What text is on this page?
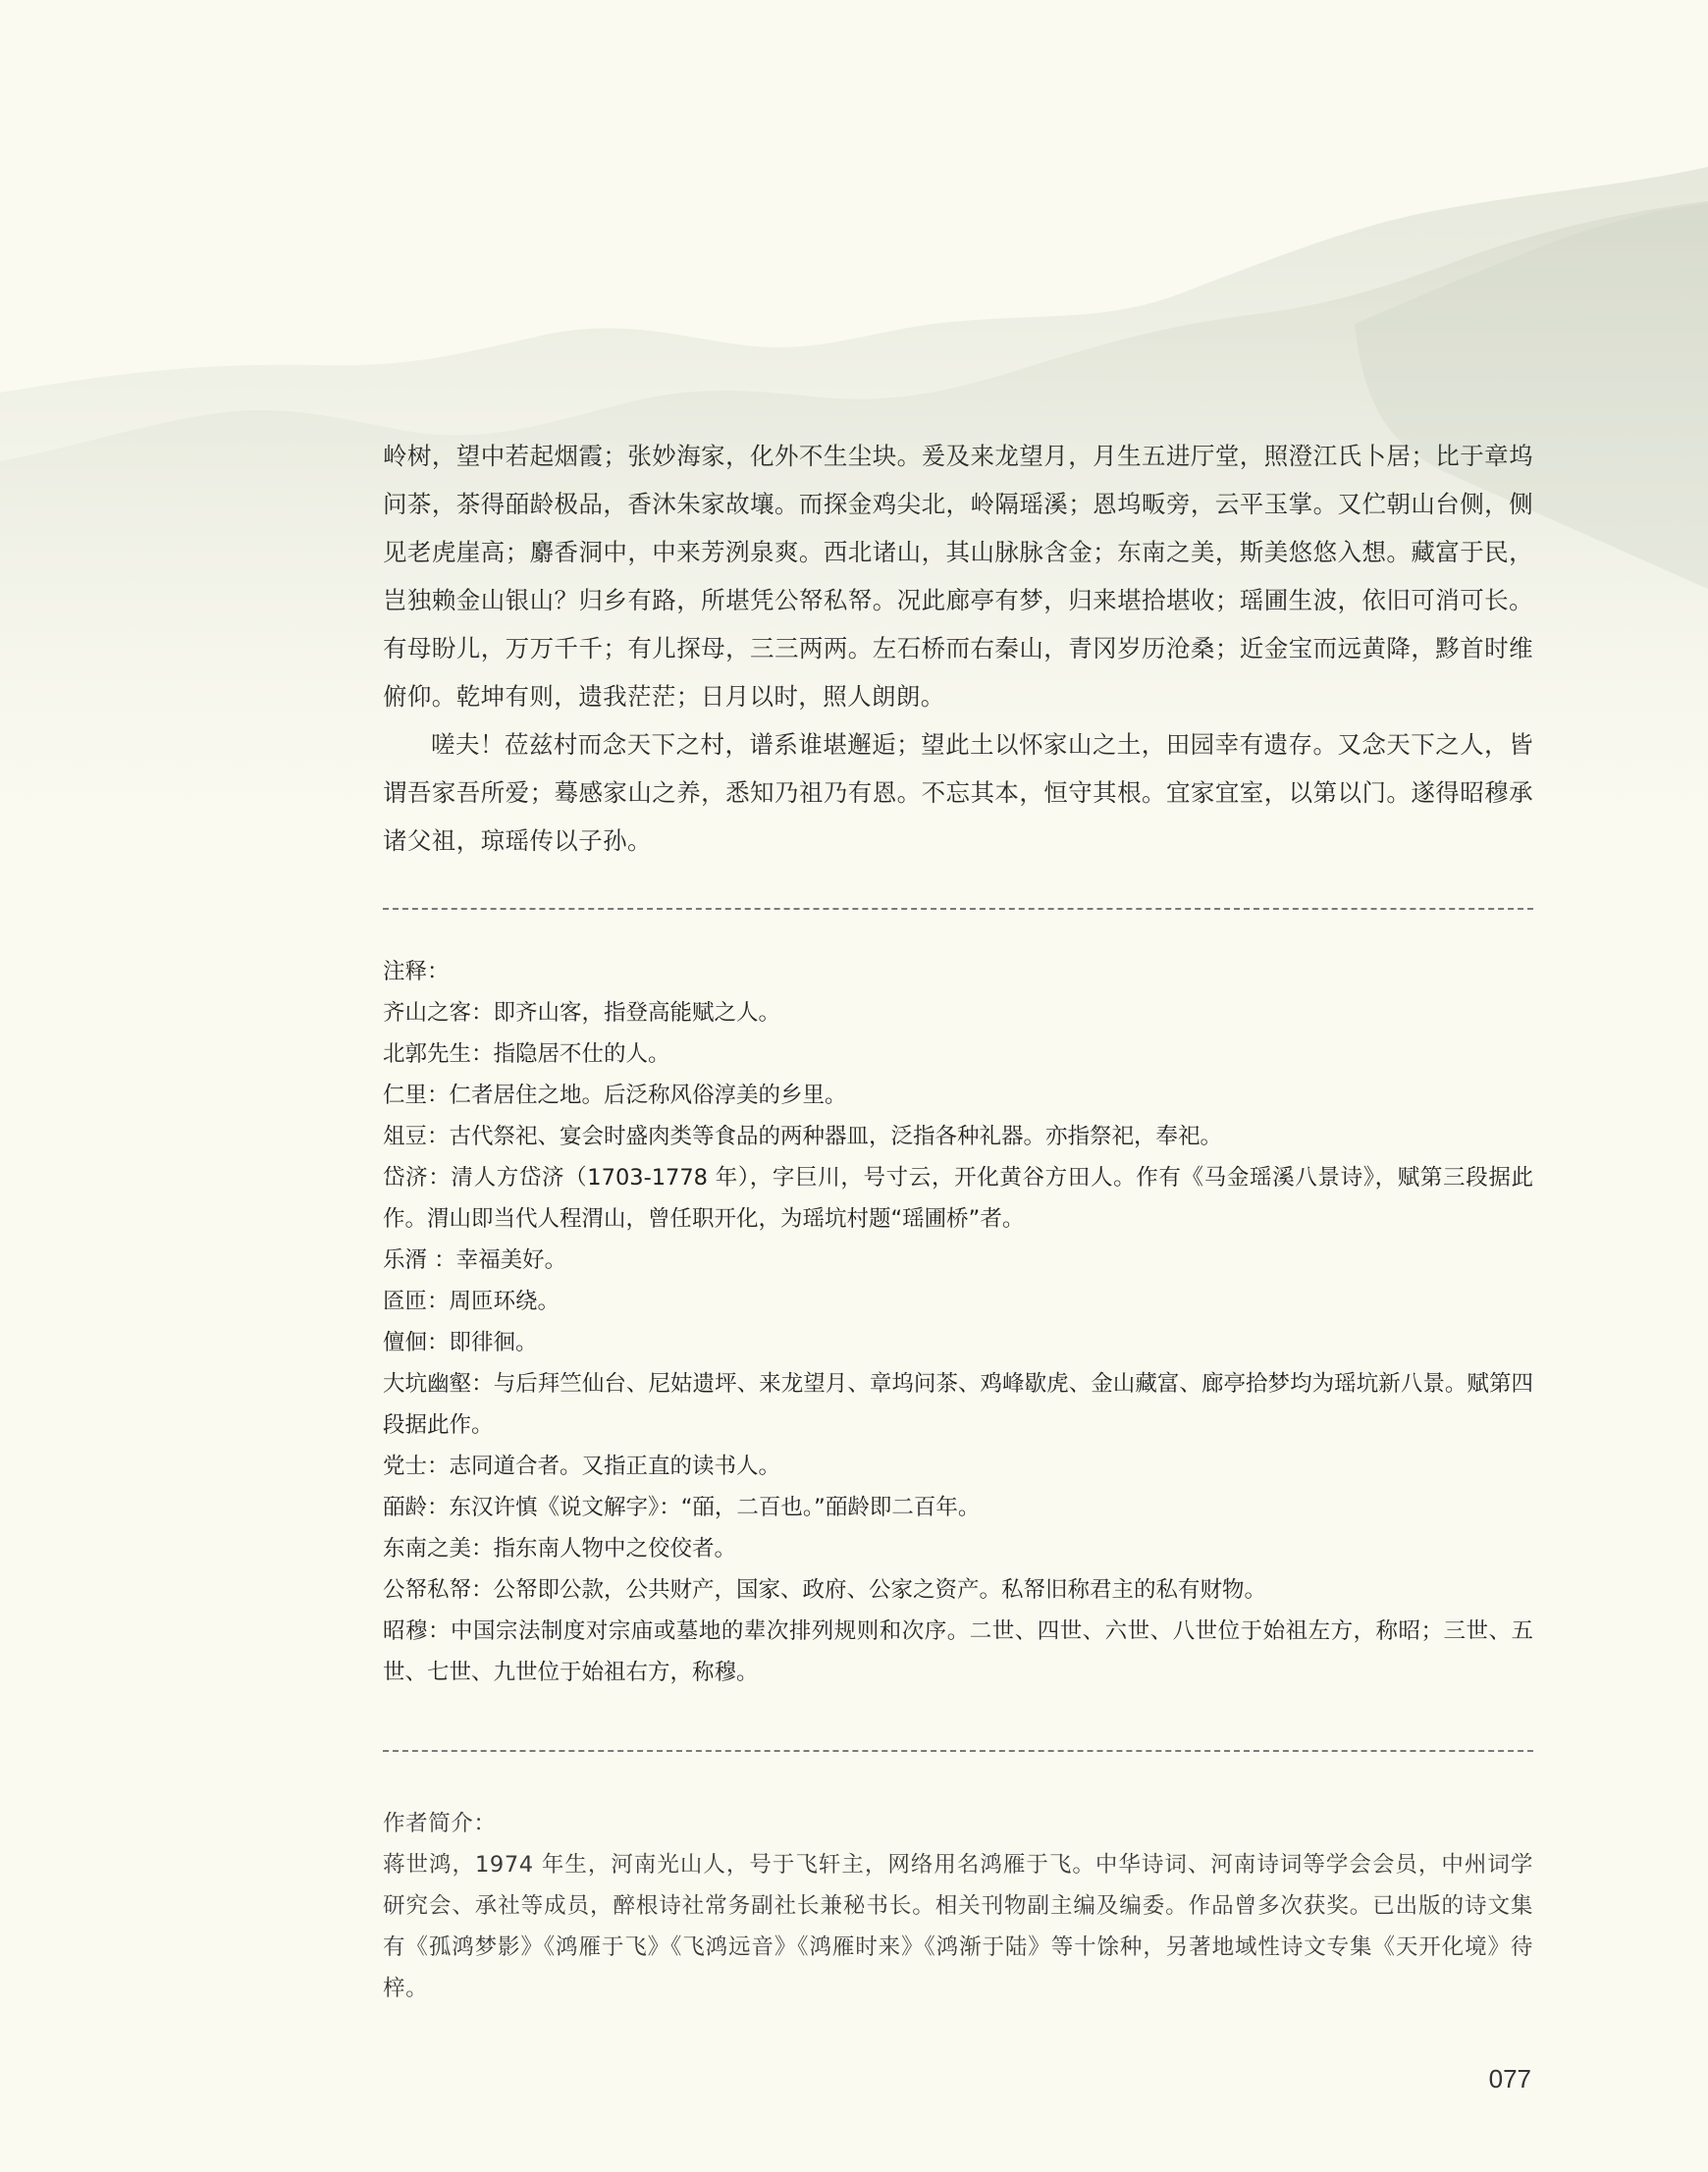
岭树，望中若起烟霞；张妙海家，化外不生尘块。爰及来龙望月，月生五进厅堂，照澄江氏卜居；比于章坞问茶，茶得皕龄极品，香沐朱家故壤。而探金鸡尖北，岭隔瑶溪；恩坞畈旁，云平玉掌。又伫朝山台侧，侧见老虎崖高；麝香洞中，中来芳洌泉爽。西北诸山，其山脉脉含金；东南之美，斯美悠悠入想。藏富于民，岂独赖金山银山？归乡有路，所堪凭公帑私帑。况此廊亭有梦，归来堪拾堪收；瑶圃生波，依旧可消可长。有母盼儿，万万千千；有儿探母，三三两两。左石桥而右秦山，青冈岁历沧桑；近金宝而远黄降，黟首时维俯仰。乾坤有则，遗我茫茫；日月以时，照人朗朗。

嗟夫！莅兹村而念天下之村，谱系谁堪邂逅；望此土以怀家山之土，田园幸有遗存。又念天下之人，皆谓吾家吾所爱；蓦感家山之养，悉知乃祖乃有恩。不忘其本，恒守其根。宜家宜室，以第以门。遂得昭穆承诸父祖，琼瑶传以子孙。

注释：

齐山之客：即齐山客，指登高能赋之人。
北郭先生：指隐居不仕的人。
仁里：仁者居住之地。后泛称风俗淳美的乡里。
俎豆：古代祭祀、宴会时盛肉类等食品的两种器皿，泛指各种礼器。亦指祭祀，奉祀。
岱济：清人方岱济（1703-1778 年），字巨川，号寸云，开化黄谷方田人。作有《马金瑶溪八景诗》，赋第三段据此作。渭山即当代人程渭山，曾任职开化，为瑶坑村题“瑶圃桥”者。
乐湑 ：幸福美好。
匼匝：周匝环绕。
儃佪：即徘徊。
大坑幽壑：与后拜竺仙台、尼姑遗坪、来龙望月、章坞问茶、鸡峰歇虎、金山藏富、廊亭拾梦均为瑶坑新八景。赋第四段据此作。
党士：志同道合者。又指正直的读书人。
皕龄：东汉许慎《说文解字》：“皕，二百也。”皕龄即二百年。
东南之美：指东南人物中之佼佼者。
公帑私帑：公帑即公款，公共财产，国家、政府、公家之资产。私帑旧称君主的私有财物。
昭穆：中国宗法制度对宗庙或墓地的辈次排列规则和次序。二世、四世、六世、八世位于始祖左方，称昭；三世、五世、七世、九世位于始祖右方，称穆。

作者简介：

蒋世鸿，1974 年生，河南光山人，号于飞轩主，网络用名鸿雁于飞。中华诗词、河南诗词等学会会员，中州词学研究会、承社等成员，醉根诗社常务副社长兼秘书长。相关刊物副主编及编委。作品曾多次获奖。已出版的诗文集有《孤鸿梦影》《鸿雁于飞》《飞鸿远音》《鸿雁时来》《鸿渐于陆》等十馀种，另著地域性诗文专集《天开化境》待梓。

077
